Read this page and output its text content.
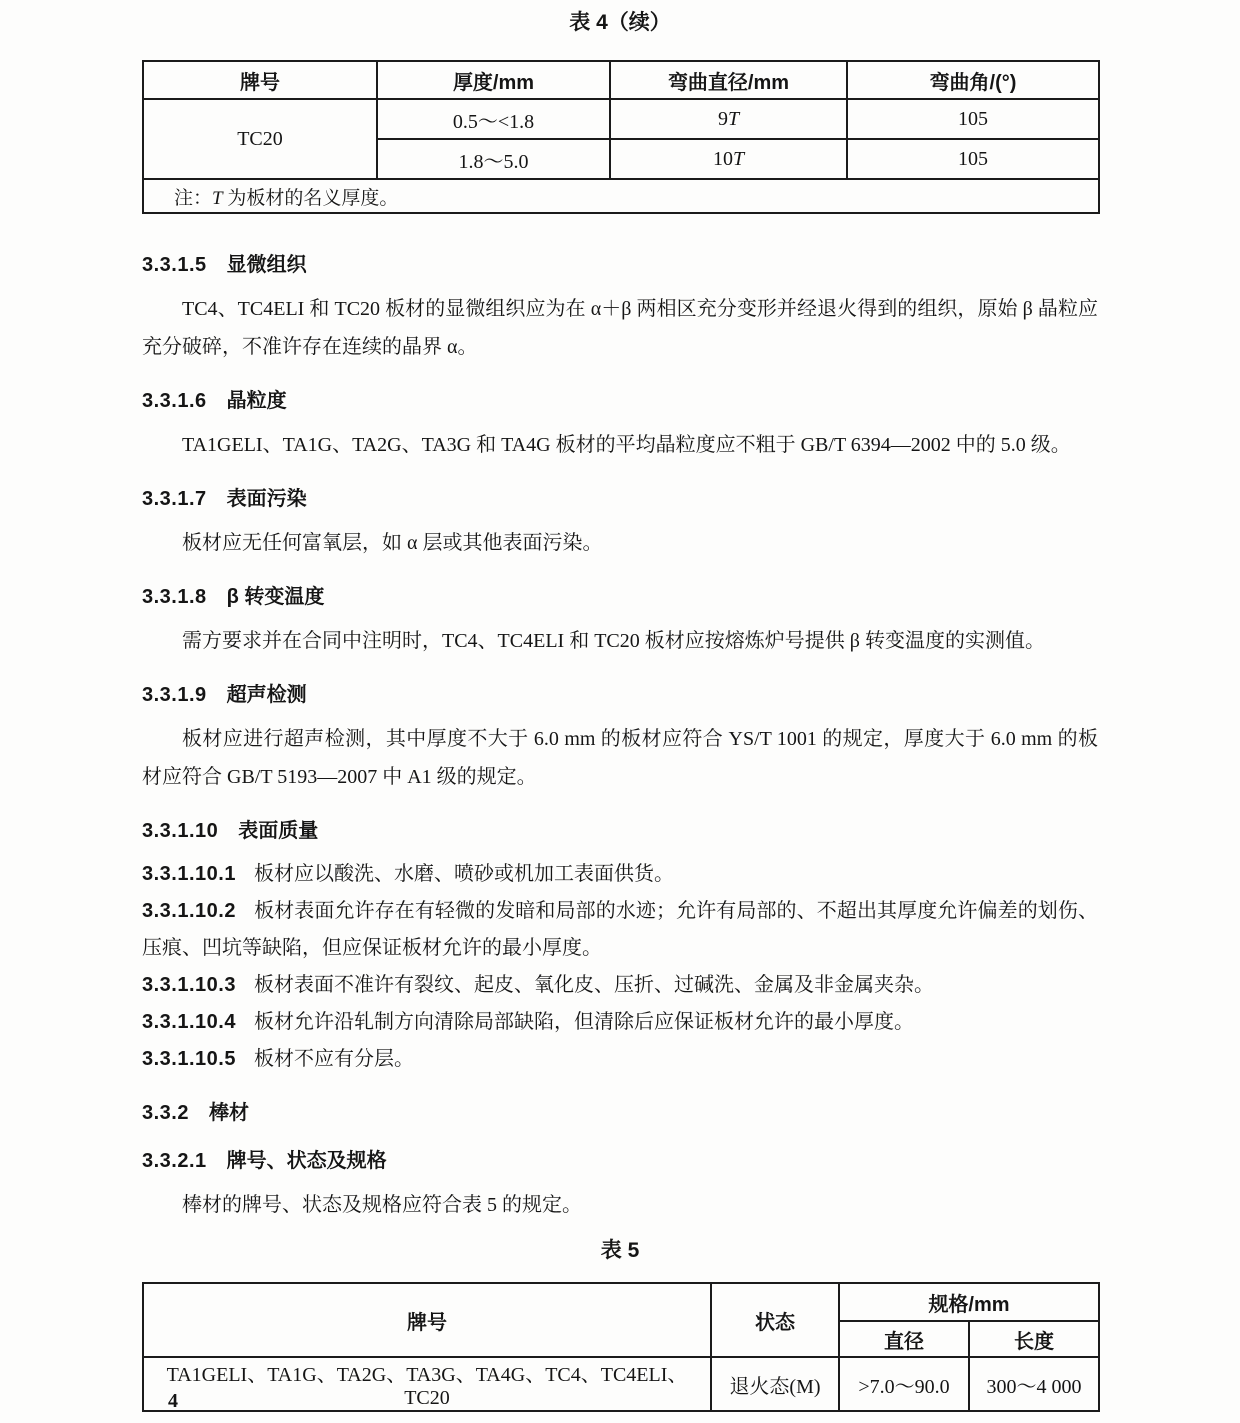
表 4（续）
牌号	厚度/mm	弯曲直径/mm	弯曲角/(°)
TC20	0.5～<1.8	9T	105
	1.8～5.0	10T	105
注：T 为板材的名义厚度。			
3.3.1.5 显微组织

TC4、TC4ELI 和 TC20 板材的显微组织应为在 α＋β 两相区充分变形并经退火得到的组织，原始 β 晶粒应充分破碎，不准许存在连续的晶界 α。

3.3.1.6 晶粒度

TA1GELI、TA1G、TA2G、TA3G 和 TA4G 板材的平均晶粒度应不粗于 GB/T 6394—2002 中的 5.0 级。

3.3.1.7 表面污染

板材应无任何富氧层，如 α 层或其他表面污染。

3.3.1.8 β 转变温度

需方要求并在合同中注明时，TC4、TC4ELI 和 TC20 板材应按熔炼炉号提供 β 转变温度的实测值。

3.3.1.9 超声检测

板材应进行超声检测，其中厚度不大于 6.0 mm 的板材应符合 YS/T 1001 的规定，厚度大于 6.0 mm 的板材应符合 GB/T 5193—2007 中 A1 级的规定。

3.3.1.10 表面质量

3.3.1.10.1 板材应以酸洗、水磨、喷砂或机加工表面供货。

3.3.1.10.2 板材表面允许存在有轻微的发暗和局部的水迹；允许有局部的、不超出其厚度允许偏差的划伤、压痕、凹坑等缺陷，但应保证板材允许的最小厚度。

3.3.1.10.3 板材表面不准许有裂纹、起皮、氧化皮、压折、过碱洗、金属及非金属夹杂。

3.3.1.10.4 板材允许沿轧制方向清除局部缺陷，但清除后应保证板材允许的最小厚度。

3.3.1.10.5 板材不应有分层。

3.3.2 棒材
3.3.2.1 牌号、状态及规格

棒材的牌号、状态及规格应符合表 5 的规定。

表 5
牌号	状态	规格/mm	
		直径	长度
TA1GELI、TA1G、TA2G、TA3G、TA4G、TC4、TC4ELI、TC20	退火态(M)	>7.0～90.0	300～4 000
4
